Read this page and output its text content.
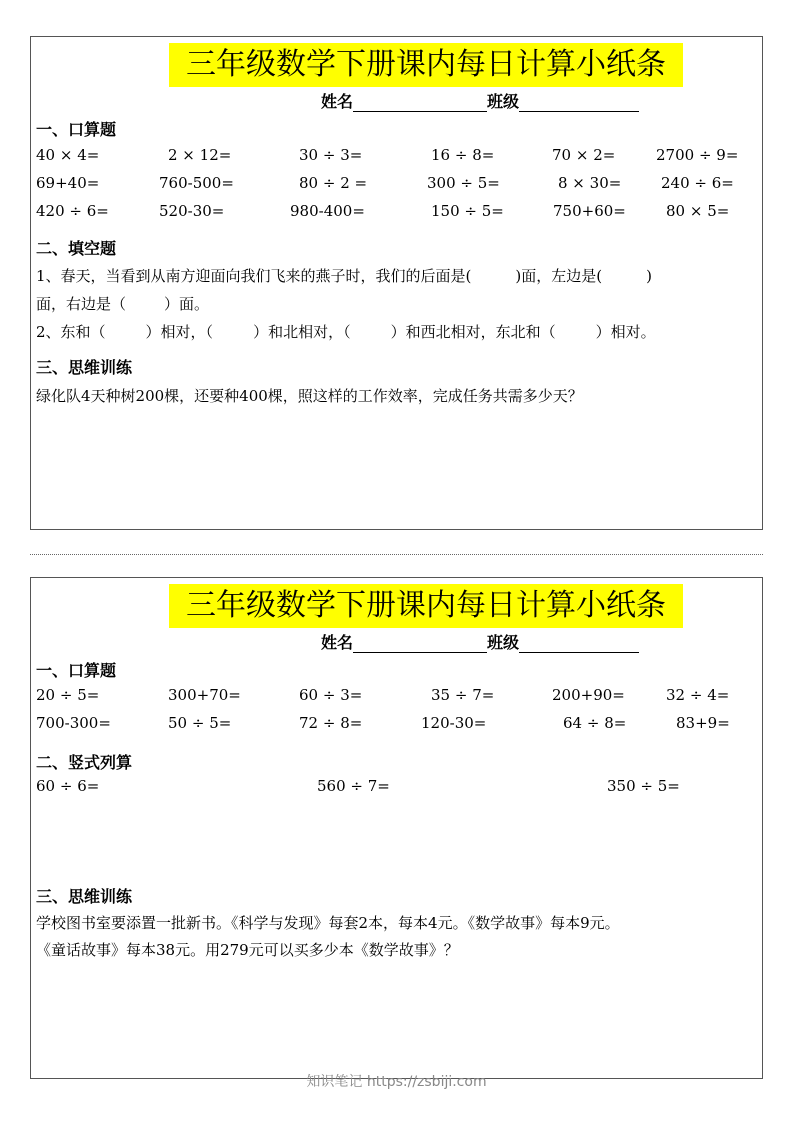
三年级数学下册课内每日计算小纸条
姓名	班级
一、口算题
40 × 4=	2 × 12=	30 ÷ 3=	16 ÷ 8=	70 × 2=	2700 ÷ 9=
69+40=	760-500=	80 ÷ 2 =	300 ÷ 5=	8 × 30=	240 ÷ 6=
420 ÷ 6=	520-30=	980-400=	150 ÷ 5=	750+60=	80 × 5=
二、填空题
1、春天，当看到从南方迎面向我们飞来的燕子时，我们的后面是(	)面，左边是(	)
面，右边是（	）面。
2、东和（	）相对，（	）和北相对，（	）和西北相对，东北和（	）相对。
三、思维训练
绿化队4天种树200棵，还要种400棵，照这样的工作效率，完成任务共需多少天？
三年级数学下册课内每日计算小纸条
姓名	班级
一、口算题
20 ÷ 5=	300+70=	60 ÷ 3=	35 ÷ 7=	200+90=	32 ÷ 4=
700-300=	50 ÷ 5=	72 ÷ 8=	120-30=	64 ÷ 8=	83+9=
二、竖式列算
60 ÷ 6=	560 ÷ 7=	350 ÷ 5=
三、思维训练
学校图书室要添置一批新书。《科学与发现》每套2本，每本4元。《数学故事》每本9元。
《童话故事》每本38元。用279元可以买多少本《数学故事》？
知识笔记 https://zsbiji.com
